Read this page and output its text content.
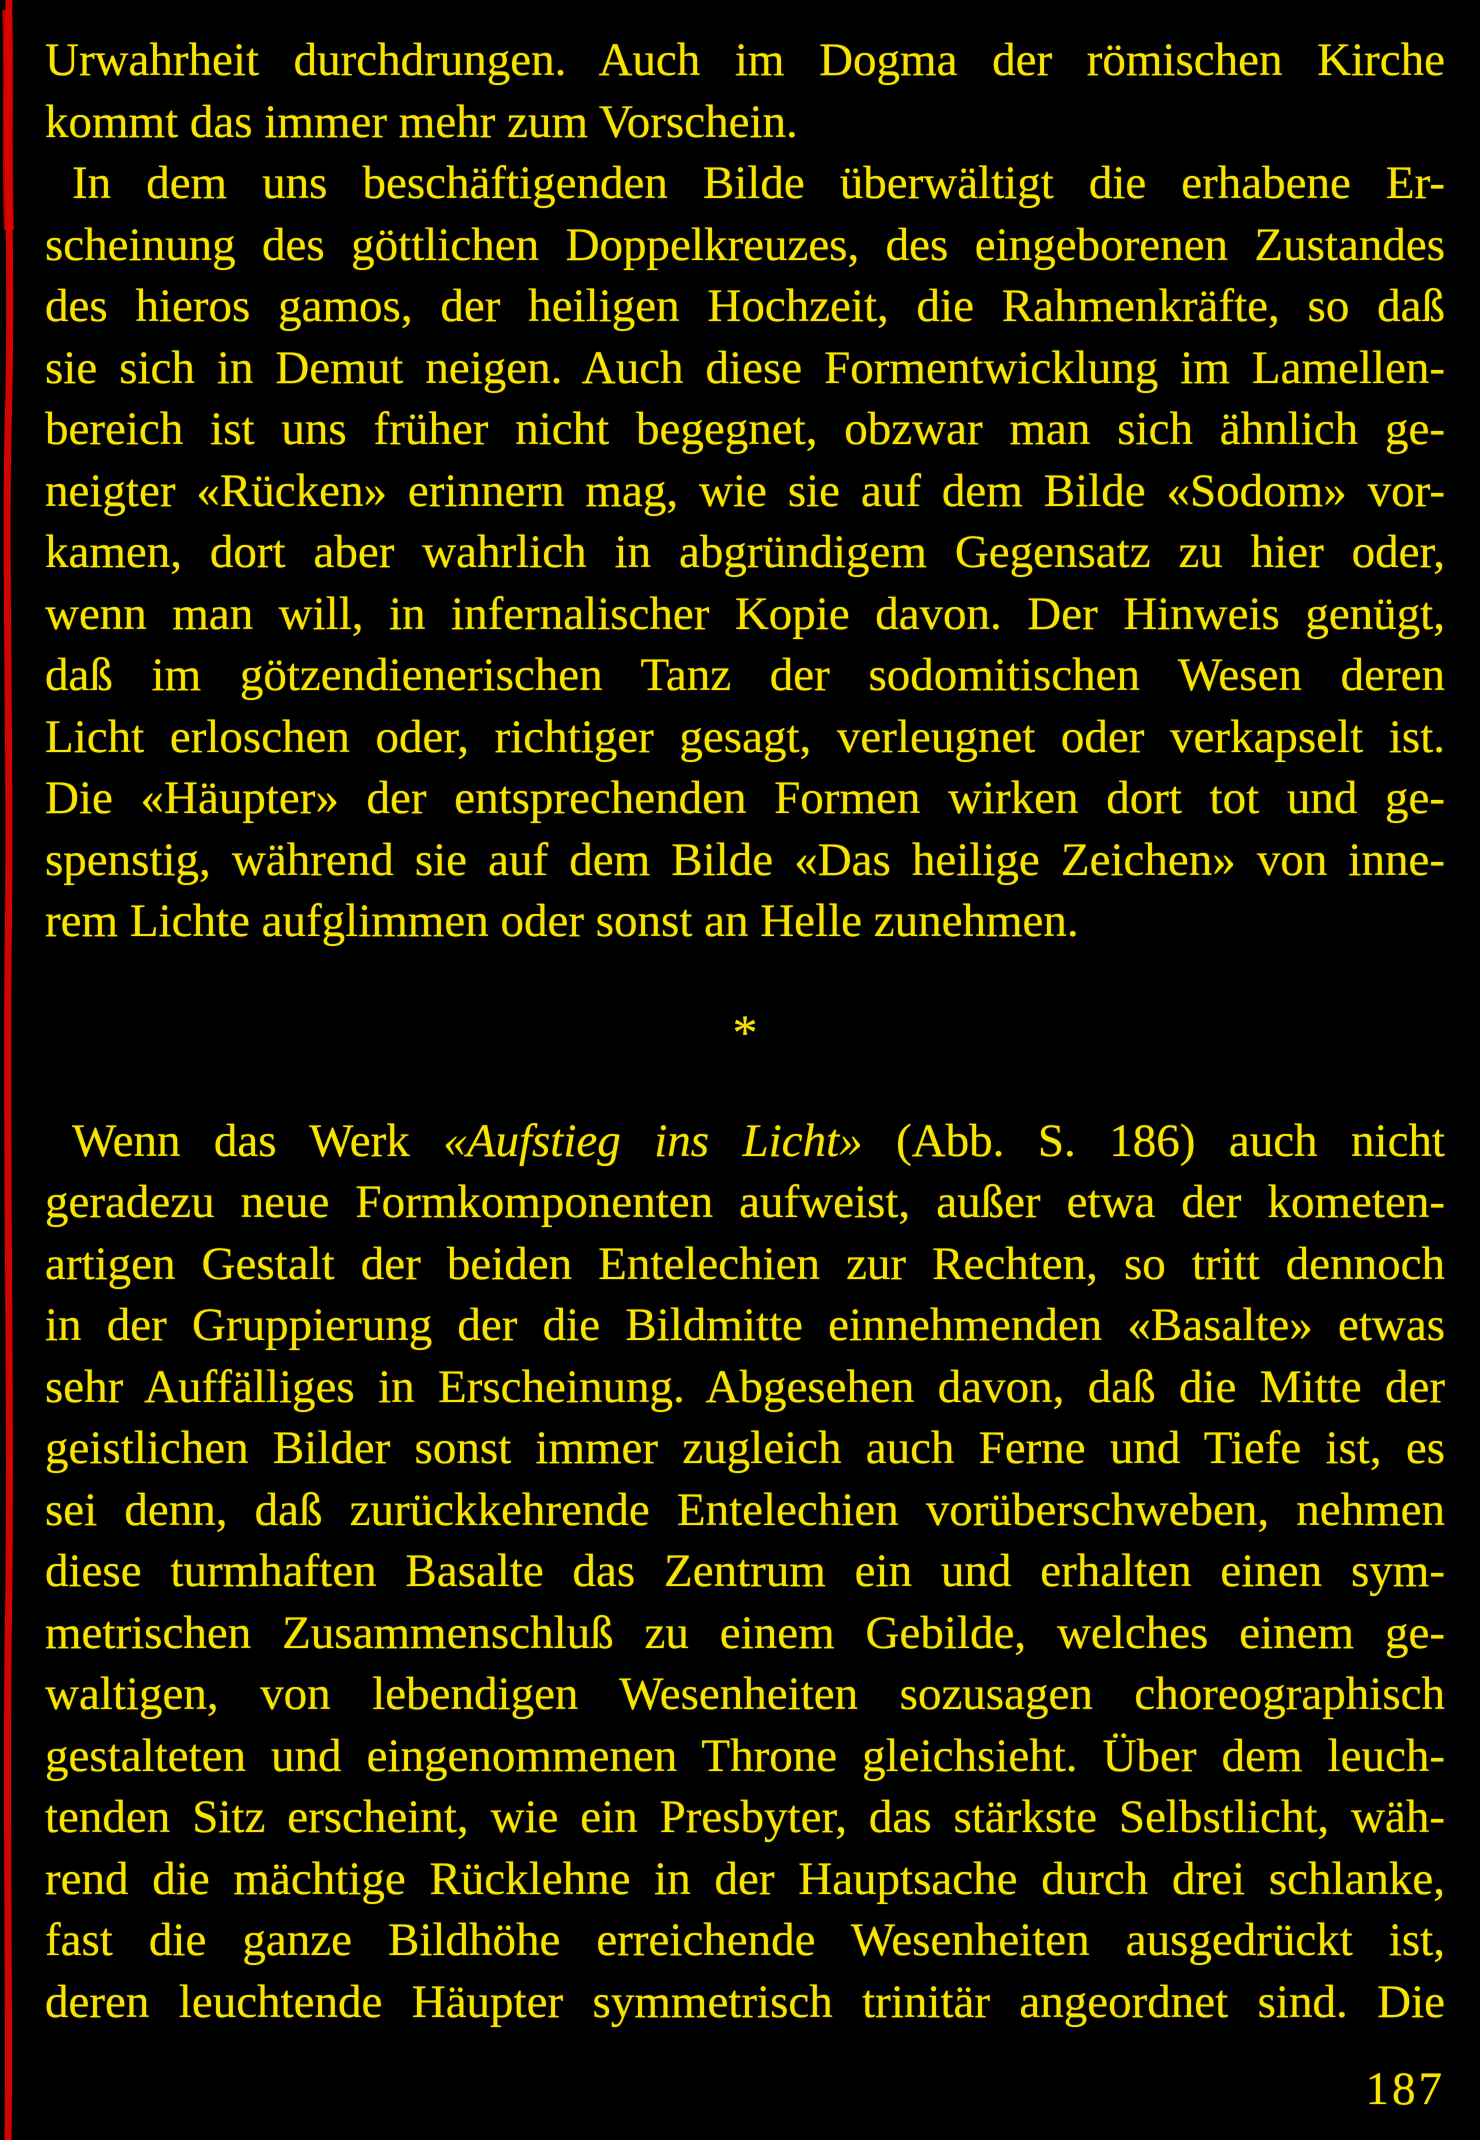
Urwahrheit durchdrungen. Auch im Dogma der römischen Kirche
kommt das immer mehr zum Vorschein.
In dem uns beschäftigenden Bilde überwältigt die erhabene Er-
scheinung des göttlichen Doppelkreuzes, des eingeborenen Zustandes
des hieros gamos, der heiligen Hochzeit, die Rahmenkräfte, so daß
sie sich in Demut neigen. Auch diese Formentwicklung im Lamellen-
bereich ist uns früher nicht begegnet, obzwar man sich ähnlich ge-
neigter «Rücken» erinnern mag, wie sie auf dem Bilde «Sodom» vor-
kamen, dort aber wahrlich in abgründigem Gegensatz zu hier oder,
wenn man will, in infernalischer Kopie davon. Der Hinweis genügt,
daß im götzendienerischen Tanz der sodomitischen Wesen deren
Licht erloschen oder, richtiger gesagt, verleugnet oder verkapselt ist.
Die «Häupter» der entsprechenden Formen wirken dort tot und ge-
spenstig, während sie auf dem Bilde «Das heilige Zeichen» von inne-
rem Lichte aufglimmen oder sonst an Helle zunehmen.
*
Wenn das Werk «Aufstieg ins Licht» (Abb. S. 186) auch nicht
geradezu neue Formkomponenten aufweist, außer etwa der kometen-
artigen Gestalt der beiden Entelechien zur Rechten, so tritt dennoch
in der Gruppierung der die Bildmitte einnehmenden «Basalte» etwas
sehr Auffälliges in Erscheinung. Abgesehen davon, daß die Mitte der
geistlichen Bilder sonst immer zugleich auch Ferne und Tiefe ist, es
sei denn, daß zurückkehrende Entelechien vorüberschweben, nehmen
diese turmhaften Basalte das Zentrum ein und erhalten einen sym-
metrischen Zusammenschluß zu einem Gebilde, welches einem ge-
waltigen, von lebendigen Wesenheiten sozusagen choreographisch
gestalteten und eingenommenen Throne gleichsieht. Über dem leuch-
tenden Sitz erscheint, wie ein Presbyter, das stärkste Selbstlicht, wäh-
rend die mächtige Rücklehne in der Hauptsache durch drei schlanke,
fast die ganze Bildhöhe erreichende Wesenheiten ausgedrückt ist,
deren leuchtende Häupter symmetrisch trinitär angeordnet sind. Die
187
